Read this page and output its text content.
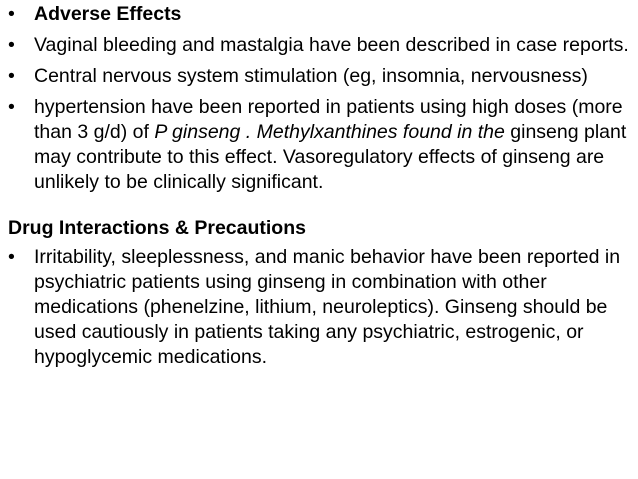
• Adverse Effects
• Vaginal bleeding and mastalgia have been described in case reports.
• Central nervous system stimulation (eg, insomnia, nervousness)
• hypertension have been reported in patients using high doses (more than 3 g/d) of P ginseng . Methylxanthines found in the ginseng plant may contribute to this effect. Vasoregulatory effects of ginseng are unlikely to be clinically significant.
Drug Interactions & Precautions
• Irritability, sleeplessness, and manic behavior have been reported in psychiatric patients using ginseng in combination with other medications (phenelzine, lithium, neuroleptics). Ginseng should be used cautiously in patients taking any psychiatric, estrogenic, or hypoglycemic medications.
